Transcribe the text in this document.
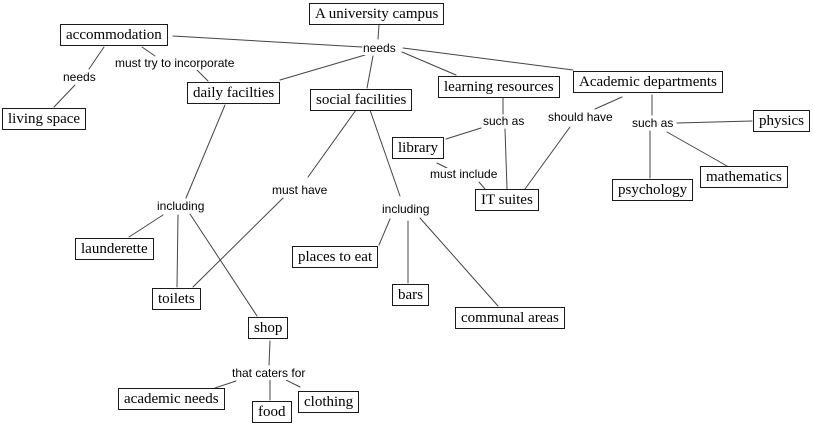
A university campus
accommodation
living space
daily facilties	social facilities
learning resources	Academic departments
physics
library
IT suites
psychology
mathematics
launderette
toilets
places to eat
bars
communal areas
shop
academic needs
food
clothing
needs
needs
must try to incorporate
such as should have such as
must have
including	including
must include
that caters for
